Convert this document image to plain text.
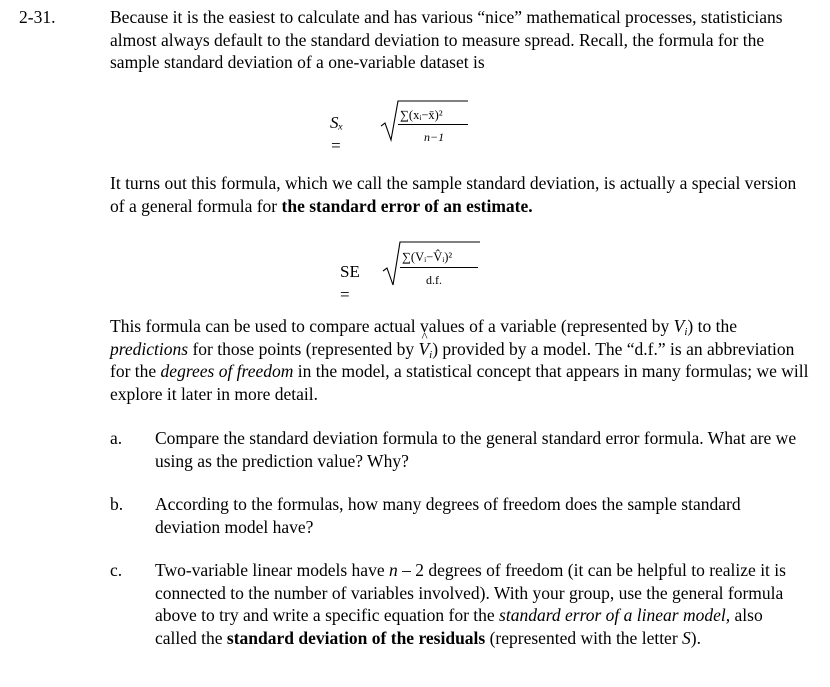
2-31.	Because it is the easiest to calculate and has various “nice” mathematical processes, statisticians almost always default to the standard deviation to measure spread. Recall, the formula for the sample standard deviation of a one-variable dataset is

Sₓ =
∑(xᵢ−x̄)²
n−1

It turns out this formula, which we call the sample standard deviation, is actually a special version of a general formula for the standard error of an estimate.

SE =
∑(Vᵢ−V̂ᵢ)²
d.f.

This formula can be used to compare actual values of a variable (represented by $V_i$) to the predictions for those points (represented by ^ $V_i$) provided by a model. The “d.f.” is an abbreviation for the degrees of freedom in the model, a statistical concept that appears in many formulas; we will explore it later in more detail.

a. Compare the standard deviation formula to the general standard error formula. What are we using as the prediction value? Why?
b. According to the formulas, how many degrees of freedom does the sample standard deviation model have?
c. Two-variable linear models have n – 2 degrees of freedom (it can be helpful to realize it is connected to the number of variables involved). With your group, use the general formula above to try and write a specific equation for the standard error of a linear model, also called the standard deviation of the residuals (represented with the letter S).
